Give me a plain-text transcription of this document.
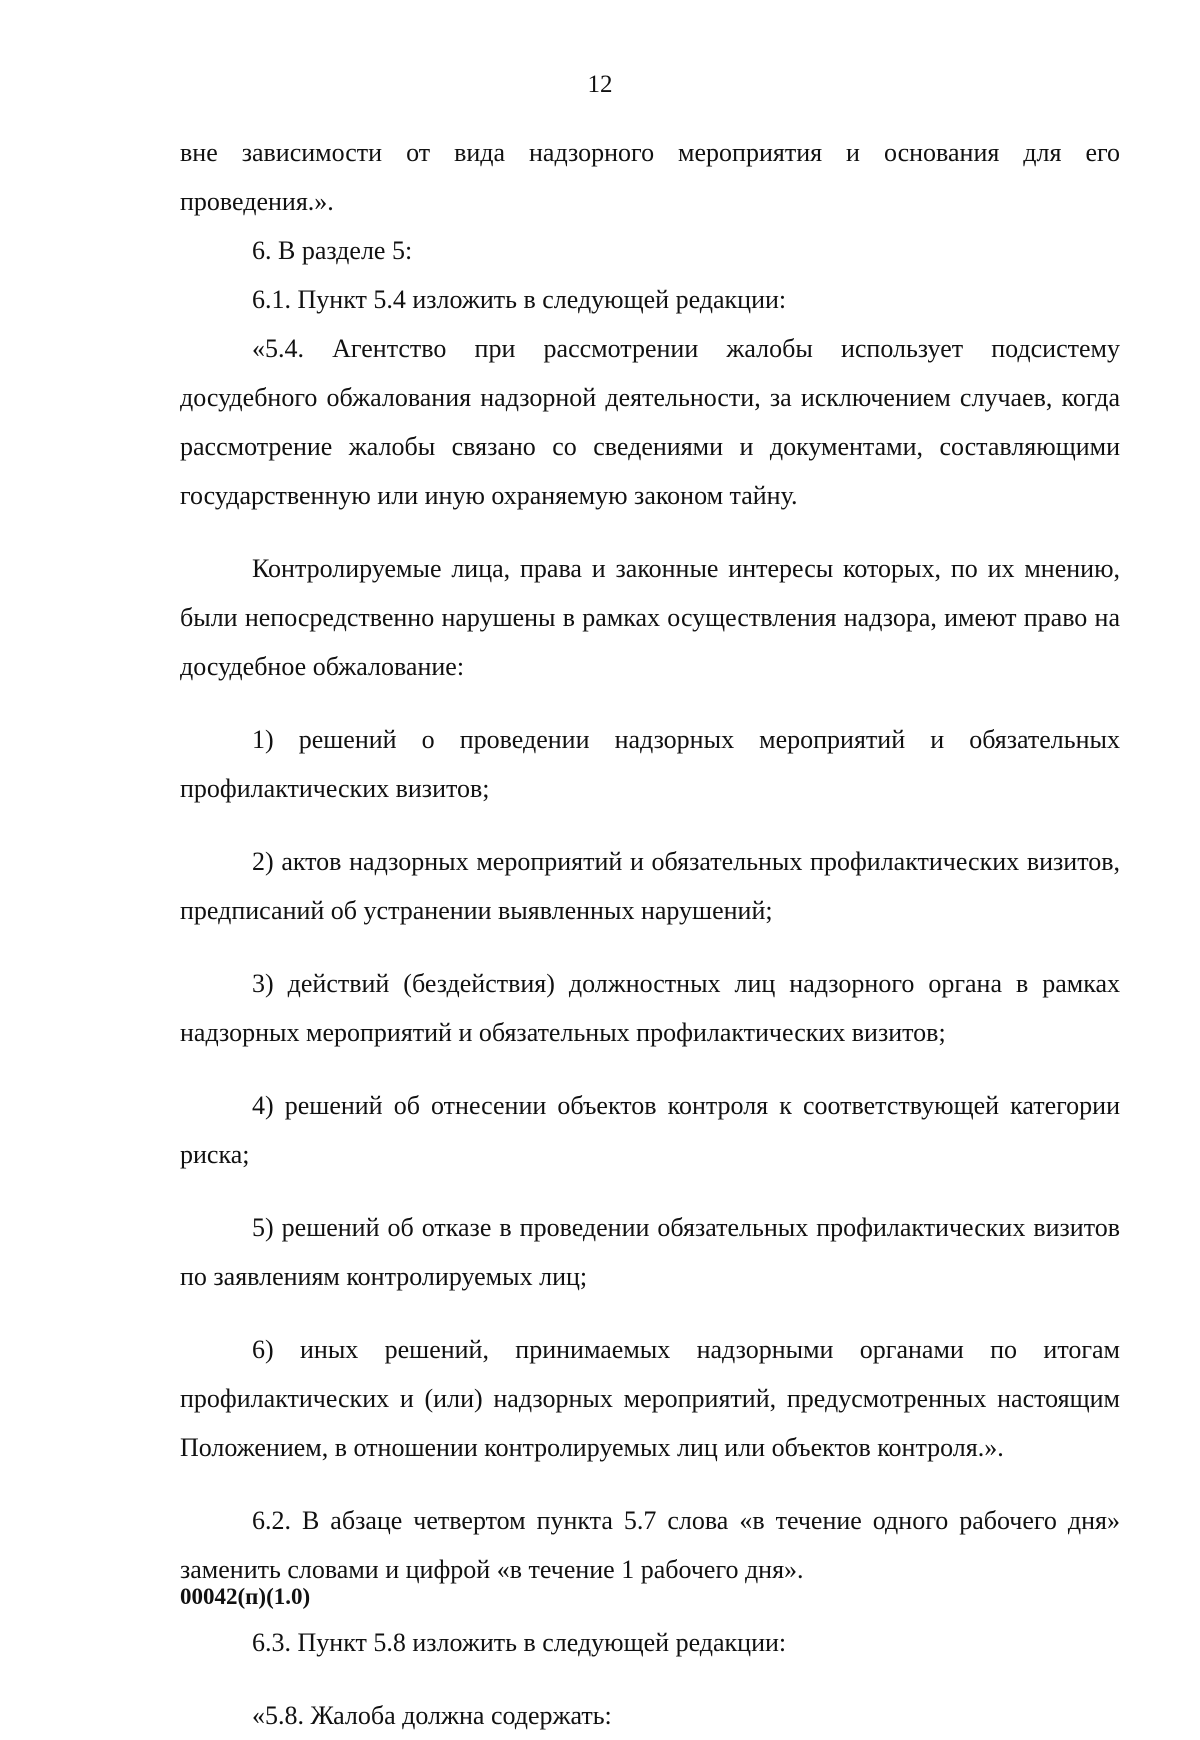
12

вне зависимости от вида надзорного мероприятия и основания для его проведения.».

6. В разделе 5:

6.1. Пункт 5.4 изложить в следующей редакции:

«5.4. Агентство при рассмотрении жалобы использует подсистему досудебного обжалования надзорной деятельности, за исключением случаев, когда рассмотрение жалобы связано со сведениями и документами, составляющими государственную или иную охраняемую законом тайну.

Контролируемые лица, права и законные интересы которых, по их мнению, были непосредственно нарушены в рамках осуществления надзора, имеют право на досудебное обжалование:

1) решений о проведении надзорных мероприятий и обязательных профилактических визитов;

2) актов надзорных мероприятий и обязательных профилактических визитов, предписаний об устранении выявленных нарушений;

3) действий (бездействия) должностных лиц надзорного органа в рамках надзорных мероприятий и обязательных профилактических визитов;

4) решений об отнесении объектов контроля к соответствующей категории риска;

5) решений об отказе в проведении обязательных профилактических визитов по заявлениям контролируемых лиц;

6) иных решений, принимаемых надзорными органами по итогам профилактических и (или) надзорных мероприятий, предусмотренных настоящим Положением, в отношении контролируемых лиц или объектов контроля.».

6.2. В абзаце четвертом пункта 5.7 слова «в течение одного рабочего дня» заменить словами и цифрой «в течение 1 рабочего дня».

6.3. Пункт 5.8 изложить в следующей редакции:

«5.8. Жалоба должна содержать:

00042(п)(1.0)
